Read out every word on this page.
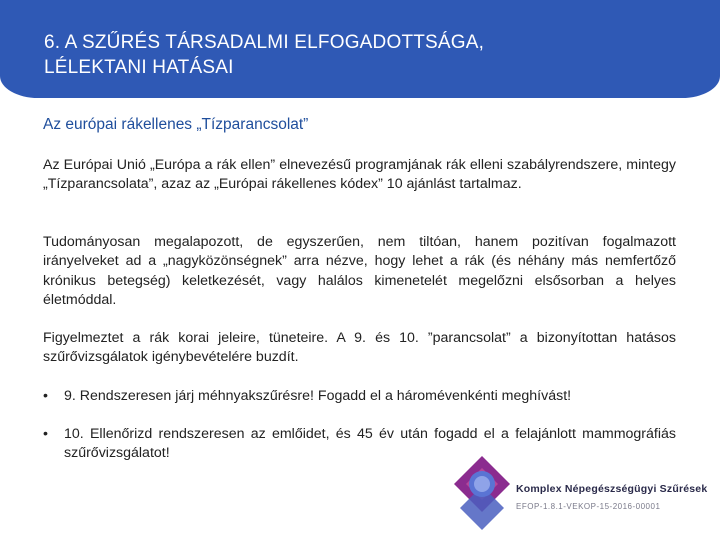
6. A SZŰRÉS TÁRSADALMI ELFOGADOTTSÁGA,
LÉLEKTANI HATÁSAI
Az európai rákellenes „Tízparancsolat”
Az Európai Unió „Európa a rák ellen” elnevezésű programjának rák elleni szabályrendszere, mintegy „Tízparancsolata”, azaz az „Európai rákellenes kódex” 10 ajánlást tartalmaz.
Tudományosan megalapozott, de egyszerűen, nem tiltóan, hanem pozitívan fogalmazott irányelveket ad a „nagyközönségnek” arra nézve, hogy lehet a rák (és néhány más nemfertőző krónikus betegség) keletkezését, vagy halálos kimenetelét megelőzni elsősorban a helyes életmóddal.
Figyelmeztet a rák korai jeleire, tüneteire. A 9. és 10. ”parancsolat” a bizonyítottan hatásos szűrővizsgálatok igénybevételére buzdít.
•	9. Rendszeresen járj méhnyakszűrésre! Fogadd el a háromévenkénti meghívást!
•	10. Ellenőrizd rendszeresen az emlőidet, és 45 év után fogadd el a felajánlott mammográfiás szűrővizsgálatot!
Komplex Népegészségügyi Szűrések
EFOP-1.8.1-VEKOP-15-2016-00001
